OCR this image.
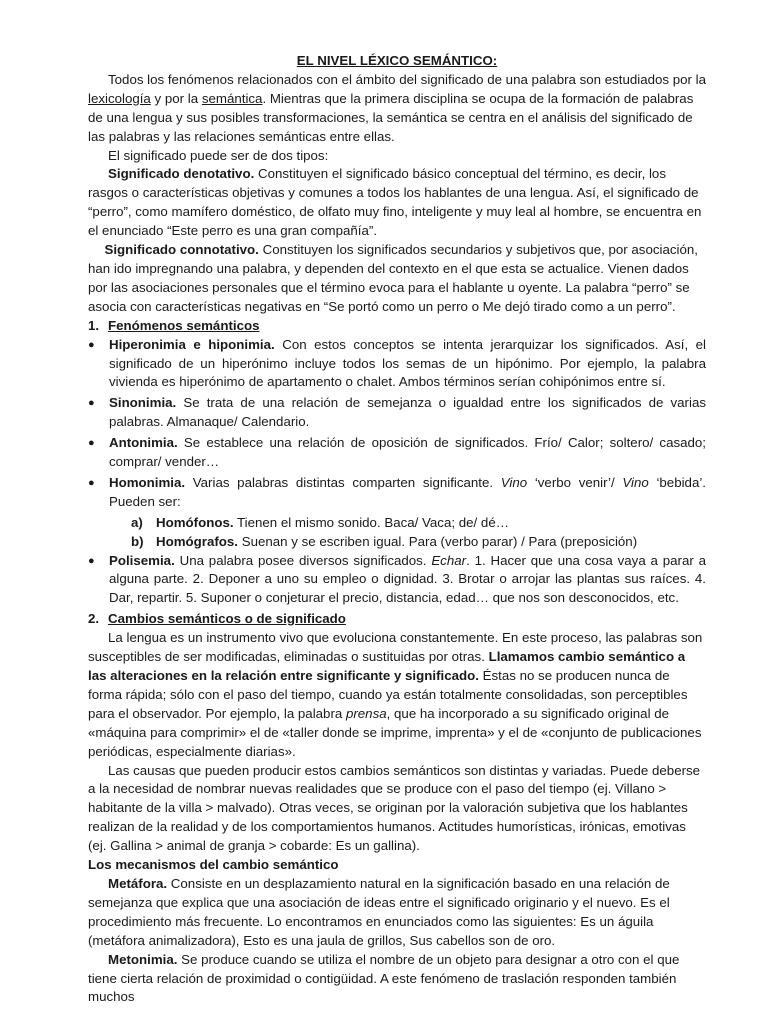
EL NIVEL LÉXICO SEMÁNTICO:

Todos los fenómenos relacionados con el ámbito del significado de una palabra son estudiados por la lexicología y por la semántica. Mientras que la primera disciplina se ocupa de la formación de palabras de una lengua y sus posibles transformaciones, la semántica se centra en el análisis del significado de las palabras y las relaciones semánticas entre ellas.

El significado puede ser de dos tipos:

Significado denotativo. Constituyen el significado básico conceptual del término, es decir, los rasgos o características objetivas y comunes a todos los hablantes de una lengua. Así, el significado de “perro”, como mamífero doméstico, de olfato muy fino, inteligente y muy leal al hombre, se encuentra en el enunciado “Este perro es una gran compañía”.

Significado connotativo. Constituyen los significados secundarios y subjetivos que, por asociación, han ido impregnando una palabra, y dependen del contexto en el que esta se actualice. Vienen dados por las asociaciones personales que el término evoca para el hablante u oyente. La palabra “perro” se asocia con características negativas en “Se portó como un perro o Me dejó tirado como a un perro”.

1. Fenómenos semánticos
●	Hiperonimia e hiponimia. Con estos conceptos se intenta jerarquizar los significados. Así, el significado de un hiperónimo incluye todos los semas de un hipónimo. Por ejemplo, la palabra vivienda es hiperónimo de apartamento o chalet. Ambos términos serían cohipónimos entre sí.
●	Sinonimia. Se trata de una relación de semejanza o igualdad entre los significados de varias palabras. Almanaque/ Calendario.
●	Antonimia. Se establece una relación de oposición de significados. Frío/ Calor; soltero/ casado; comprar/ vender…
●	Homonimia. Varias palabras distintas comparten significante. Vino ‘verbo venir’/ Vino ‘bebida’. Pueden ser:
a) Homófonos. Tienen el mismo sonido. Baca/ Vaca; de/ dé…
b) Homógrafos. Suenan y se escriben igual. Para (verbo parar) / Para (preposición)
●	Polisemia. Una palabra posee diversos significados. Echar. 1. Hacer que una cosa vaya a parar a alguna parte. 2. Deponer a uno su empleo o dignidad. 3. Brotar o arrojar las plantas sus raíces. 4. Dar, repartir. 5. Suponer o conjeturar el precio, distancia, edad… que nos son desconocidos, etc.
2. Cambios semánticos o de significado

La lengua es un instrumento vivo que evoluciona constantemente. En este proceso, las palabras son susceptibles de ser modificadas, eliminadas o sustituidas por otras. Llamamos cambio semántico a las alteraciones en la relación entre significante y significado. Éstas no se producen nunca de forma rápida; sólo con el paso del tiempo, cuando ya están totalmente consolidadas, son perceptibles para el observador. Por ejemplo, la palabra prensa, que ha incorporado a su significado original de «máquina para comprimir» el de «taller donde se imprime, imprenta» y el de «conjunto de publicaciones periódicas, especialmente diarias».

Las causas que pueden producir estos cambios semánticos son distintas y variadas. Puede deberse a la necesidad de nombrar nuevas realidades que se produce con el paso del tiempo (ej. Villano > habitante de la villa > malvado). Otras veces, se originan por la valoración subjetiva que los hablantes realizan de la realidad y de los comportamientos humanos. Actitudes humorísticas, irónicas, emotivas (ej. Gallina > animal de granja > cobarde: Es un gallina).

Los mecanismos del cambio semántico

Metáfora. Consiste en un desplazamiento natural en la significación basado en una relación de semejanza que explica que una asociación de ideas entre el significado originario y el nuevo. Es el procedimiento más frecuente. Lo encontramos en enunciados como las siguientes: Es un águila (metáfora animalizadora), Esto es una jaula de grillos, Sus cabellos son de oro.

Metonimia. Se produce cuando se utiliza el nombre de un objeto para designar a otro con el que tiene cierta relación de proximidad o contigüidad. A este fenómeno de traslación responden también muchos
